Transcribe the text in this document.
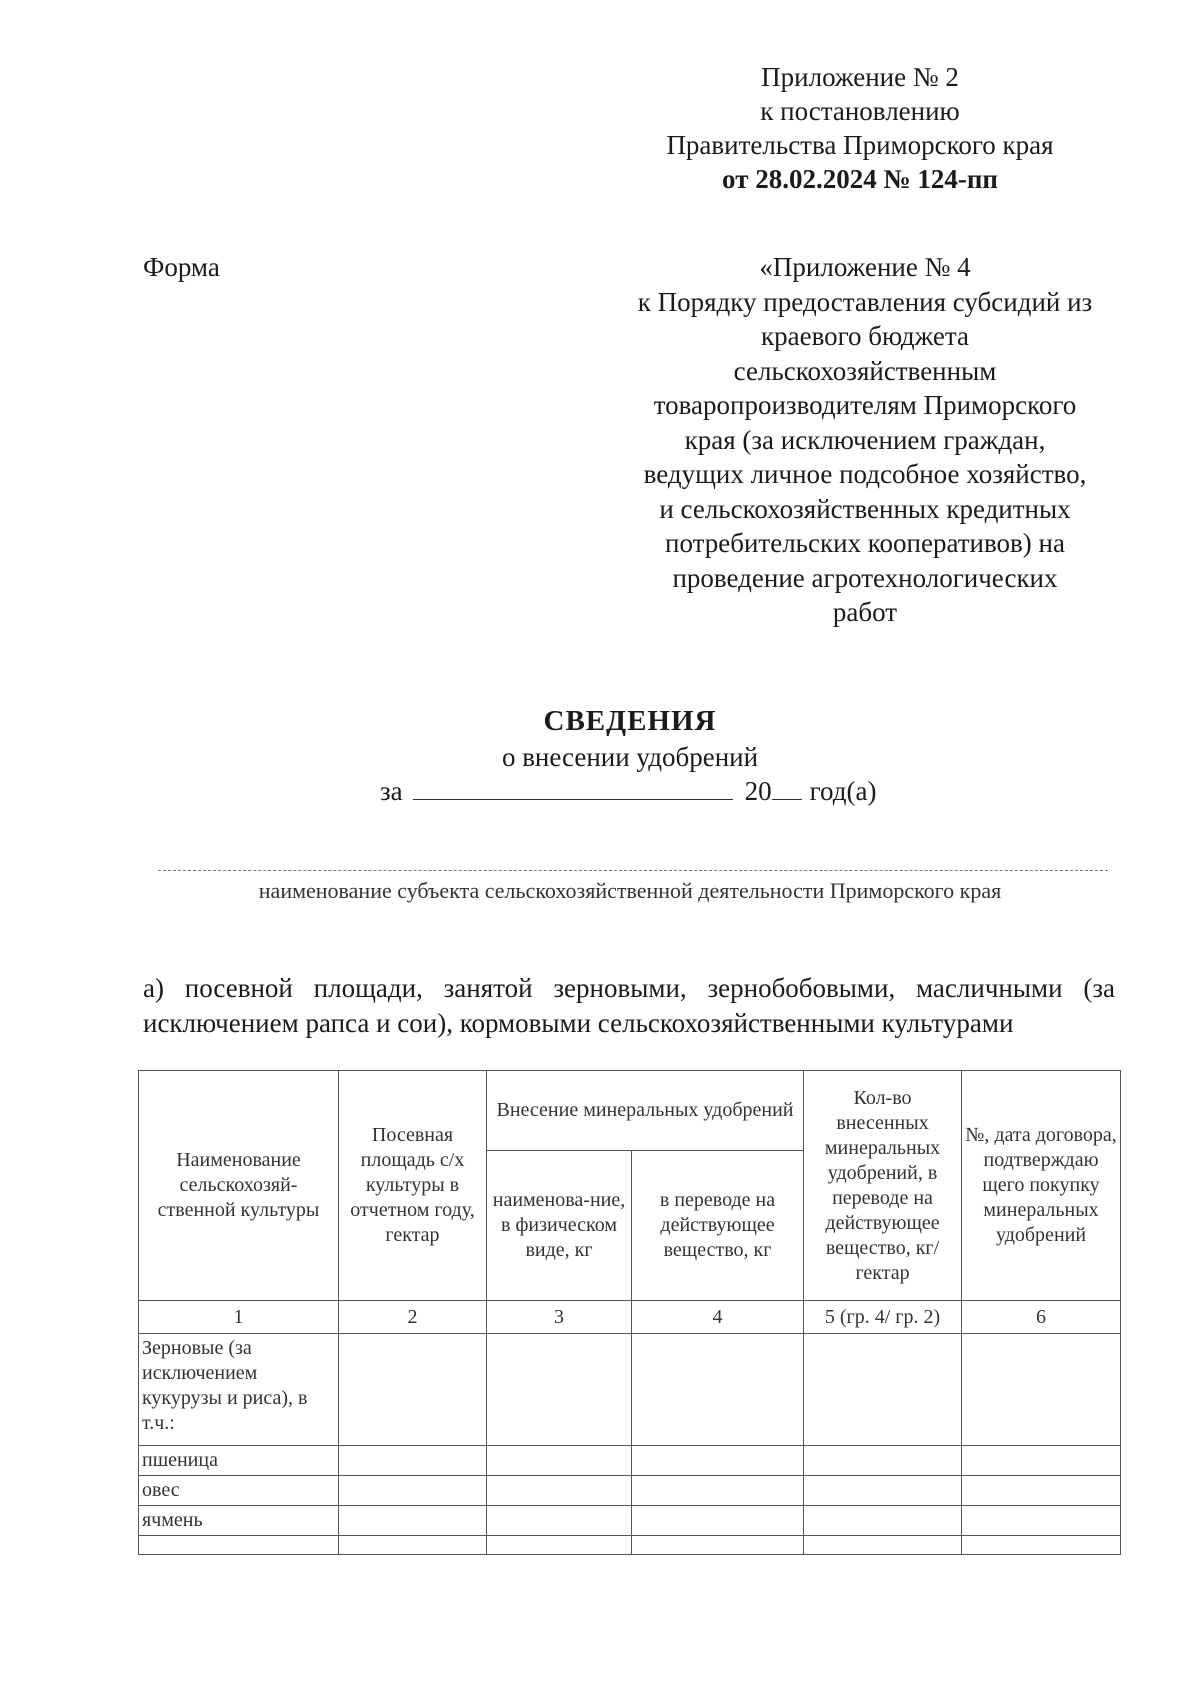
Приложение № 2
к постановлению
Правительства Приморского края
от 28.02.2024 № 124-пп
Форма	«Приложение № 4
к Порядку предоставления субсидий из
краевого бюджета
сельскохозяйственным
товаропроизводителям Приморского
края (за исключением граждан,
ведущих личное подсобное хозяйство,
и сельскохозяйственных кредитных
потребительских кооперативов) на
проведение агротехнологических
работ
СВЕДЕНИЯ
о внесении удобрений
за	20 год(а)
наименование субъекта сельскохозяйственной деятельности Приморского края
а) посевной площади, занятой зерновыми, зернобобовыми, масличными (за
исключением рапса и сои), кормовыми сельскохозяйственными культурами
Наименование сельскохозяй-ственной культуры	Посевная площадь с/х культуры в отчетном году, гектар	Внесение минеральных удобрений		Кол-во внесенных минеральных удобрений, в переводе на действующее вещество, кг/гектар	№, дата договора, подтверждаю щего покупку минеральных удобрений
		наименова-ние, в физическом виде, кг	в переводе на действующее вещество, кг		
1	2	3	4	5 (гр. 4/ гр. 2)	6
Зерновые (за исключением кукурузы и риса), в т.ч.:					
пшеница					
овес					
ячмень					
